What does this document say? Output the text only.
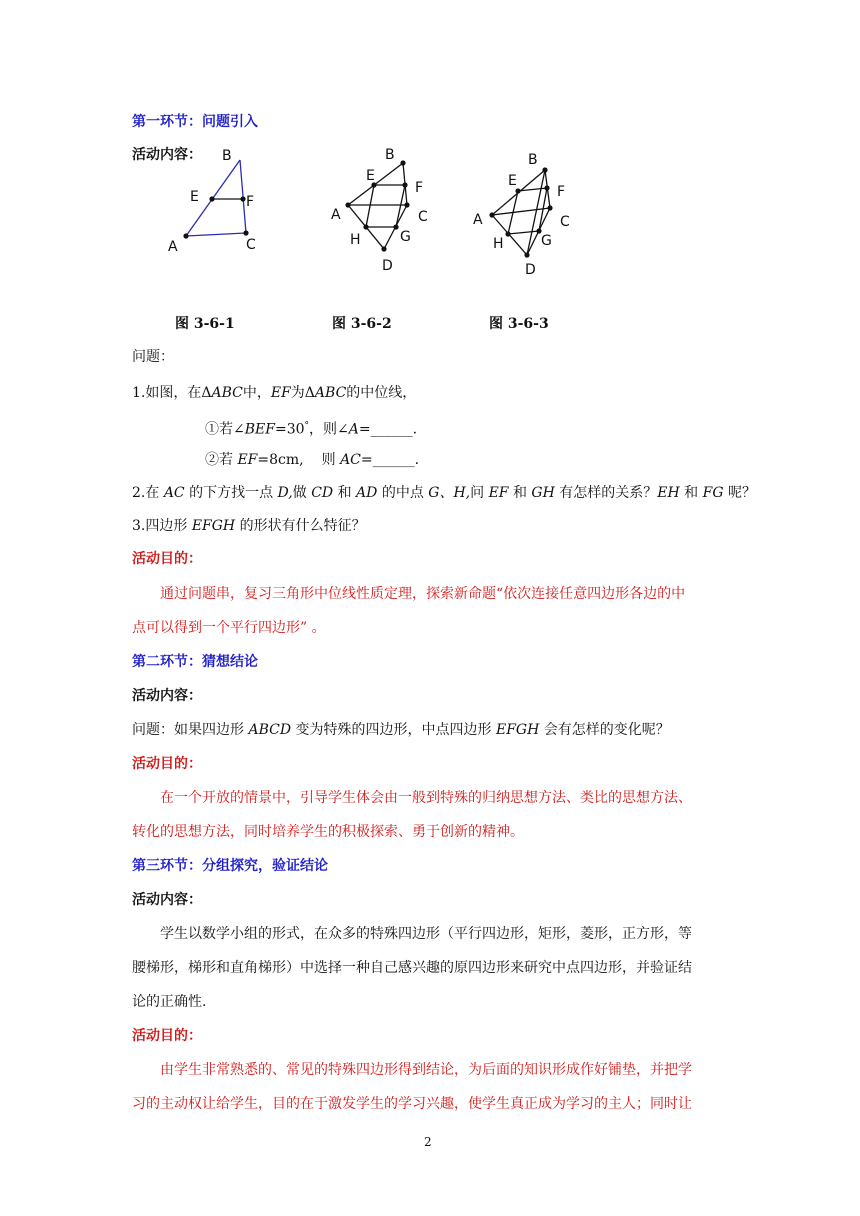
第一环节：问题引入
活动内容： B
E	F
A	C
B
E
F
A	C
H	G
D
B
E
F
A	C
H	G
D
图 3-6-1	图 3-6-2	图 3-6-3
问题：
1.如图，在ΔABC中，EF为ΔABC的中位线，
①若∠BEF=30°，则∠A=______.
②若 EF=8cm, 则 AC=______.
2.在 AC 的下方找一点 D,做 CD 和 AD 的中点 G、H,问 EF 和 GH 有怎样的关系？EH 和 FG 呢？
3.四边形 EFGH 的形状有什么特征？
活动目的：
通过问题串，复习三角形中位线性质定理，探索新命题“依次连接任意四边形各边的中
点可以得到一个平行四边形” 。
第二环节：猜想结论
活动内容：
问题：如果四边形 ABCD 变为特殊的四边形，中点四边形 EFGH 会有怎样的变化呢？
活动目的：
在一个开放的情景中，引导学生体会由一般到特殊的归纳思想方法、类比的思想方法、
转化的思想方法，同时培养学生的积极探索、勇于创新的精神。
第三环节：分组探究，验证结论
活动内容：
学生以数学小组的形式，在众多的特殊四边形（平行四边形，矩形，菱形，正方形，等
腰梯形，梯形和直角梯形）中选择一种自己感兴趣的原四边形来研究中点四边形，并验证结
论的正确性.
活动目的：
由学生非常熟悉的、常见的特殊四边形得到结论，为后面的知识形成作好铺垫，并把学
习的主动权让给学生，目的在于激发学生的学习兴趣，使学生真正成为学习的主人；同时让
2
